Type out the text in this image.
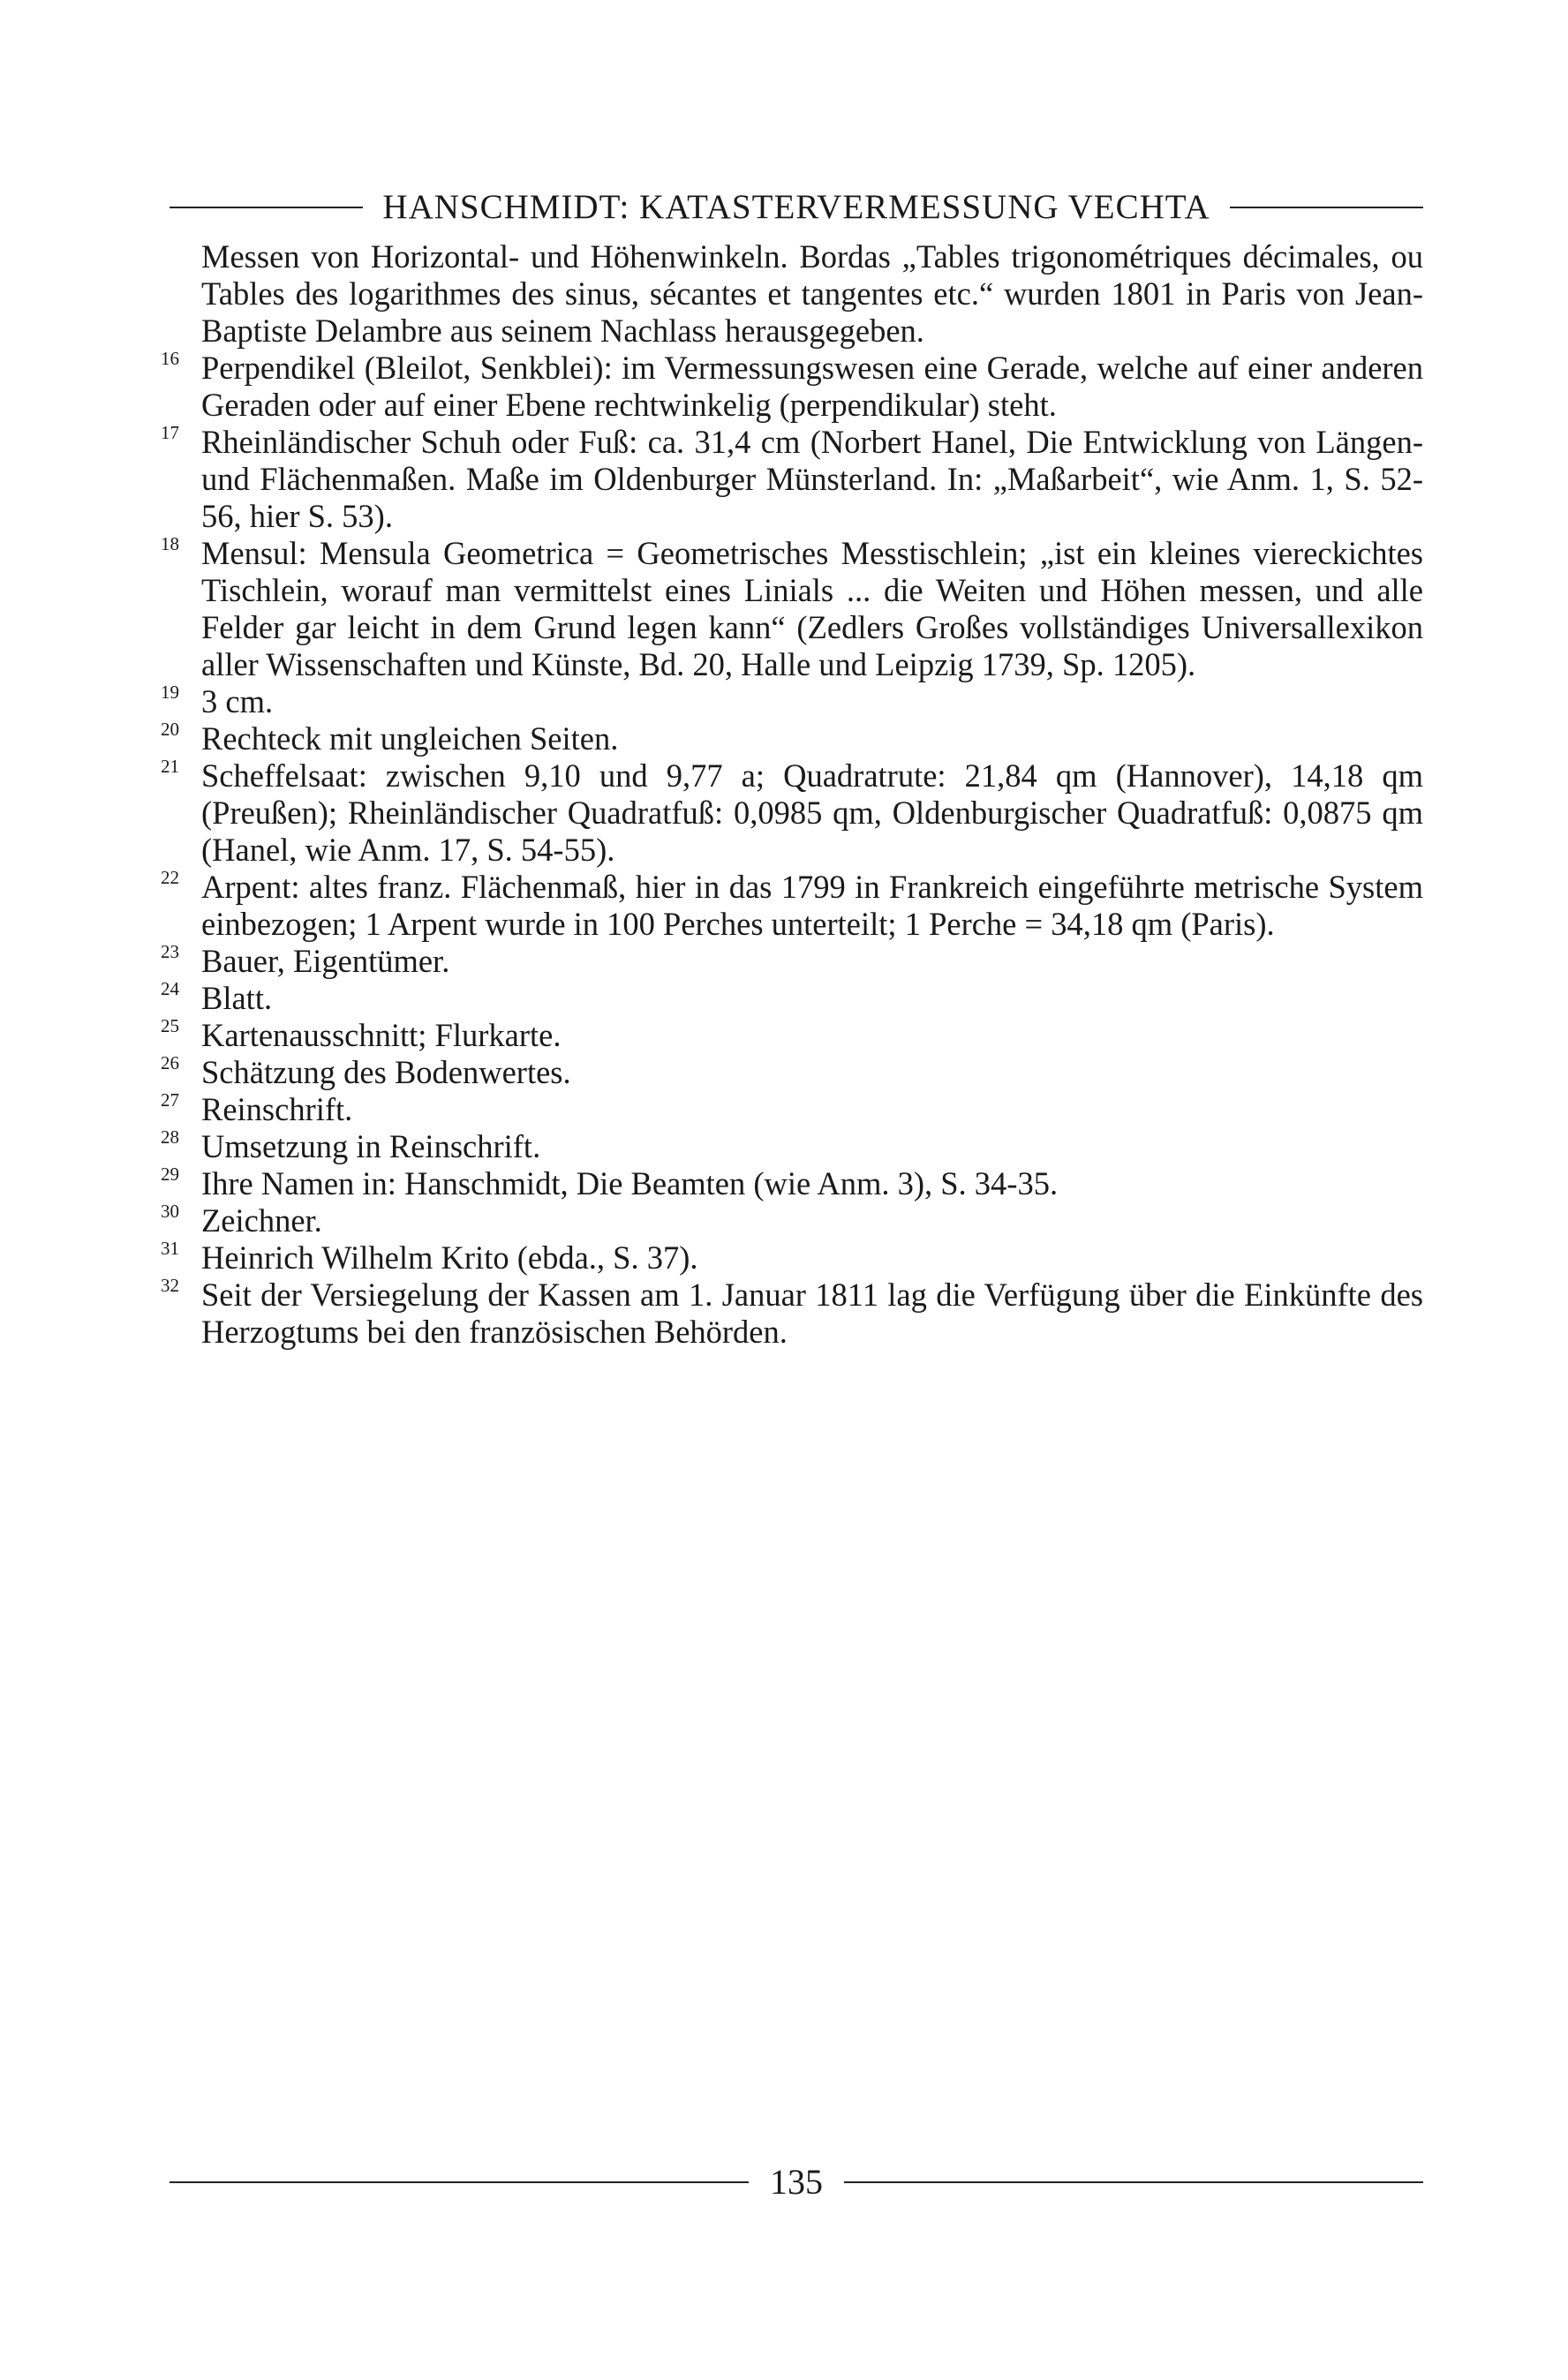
HANSCHMIDT: KATASTERVERMESSUNG VECHTA

Messen von Horizontal- und Höhenwinkeln. Bordas „Tables trigonométriques décimales, ou Tables des logarithmes des sinus, sécantes et tangentes etc.“ wurden 1801 in Paris von Jean-Baptiste Delambre aus seinem Nachlass herausgegeben.

16 Perpendikel (Bleilot, Senkblei): im Vermessungswesen eine Gerade, welche auf einer anderen Geraden oder auf einer Ebene rechtwinkelig (perpendikular) steht.

17 Rheinländischer Schuh oder Fuß: ca. 31,4 cm (Norbert Hanel, Die Entwicklung von Längen- und Flächenmaßen. Maße im Oldenburger Münsterland. In: „Maßarbeit“, wie Anm. 1, S. 52-56, hier S. 53).

18 Mensul: Mensula Geometrica = Geometrisches Messtischlein; „ist ein kleines viereckichtes Tischlein, worauf man vermittelst eines Linials ... die Weiten und Höhen messen, und alle Felder gar leicht in dem Grund legen kann“ (Zedlers Großes vollständiges Universallexikon aller Wissenschaften und Künste, Bd. 20, Halle und Leipzig 1739, Sp. 1205).

19 3 cm.

20 Rechteck mit ungleichen Seiten.

21 Scheffelsaat: zwischen 9,10 und 9,77 a; Quadratrute: 21,84 qm (Hannover), 14,18 qm (Preußen); Rheinländischer Quadratfuß: 0,0985 qm, Oldenburgischer Quadratfuß: 0,0875 qm (Hanel, wie Anm. 17, S. 54-55).

22 Arpent: altes franz. Flächenmaß, hier in das 1799 in Frankreich eingeführte metrische System einbezogen; 1 Arpent wurde in 100 Perches unterteilt; 1 Perche = 34,18 qm (Paris).

23 Bauer, Eigentümer.

24 Blatt.

25 Kartenausschnitt; Flurkarte.

26 Schätzung des Bodenwertes.

27 Reinschrift.

28 Umsetzung in Reinschrift.

29 Ihre Namen in: Hanschmidt, Die Beamten (wie Anm. 3), S. 34-35.

30 Zeichner.

31 Heinrich Wilhelm Krito (ebda., S. 37).

32 Seit der Versiegelung der Kassen am 1. Januar 1811 lag die Verfügung über die Einkünfte des Herzogtums bei den französischen Behörden.

135
